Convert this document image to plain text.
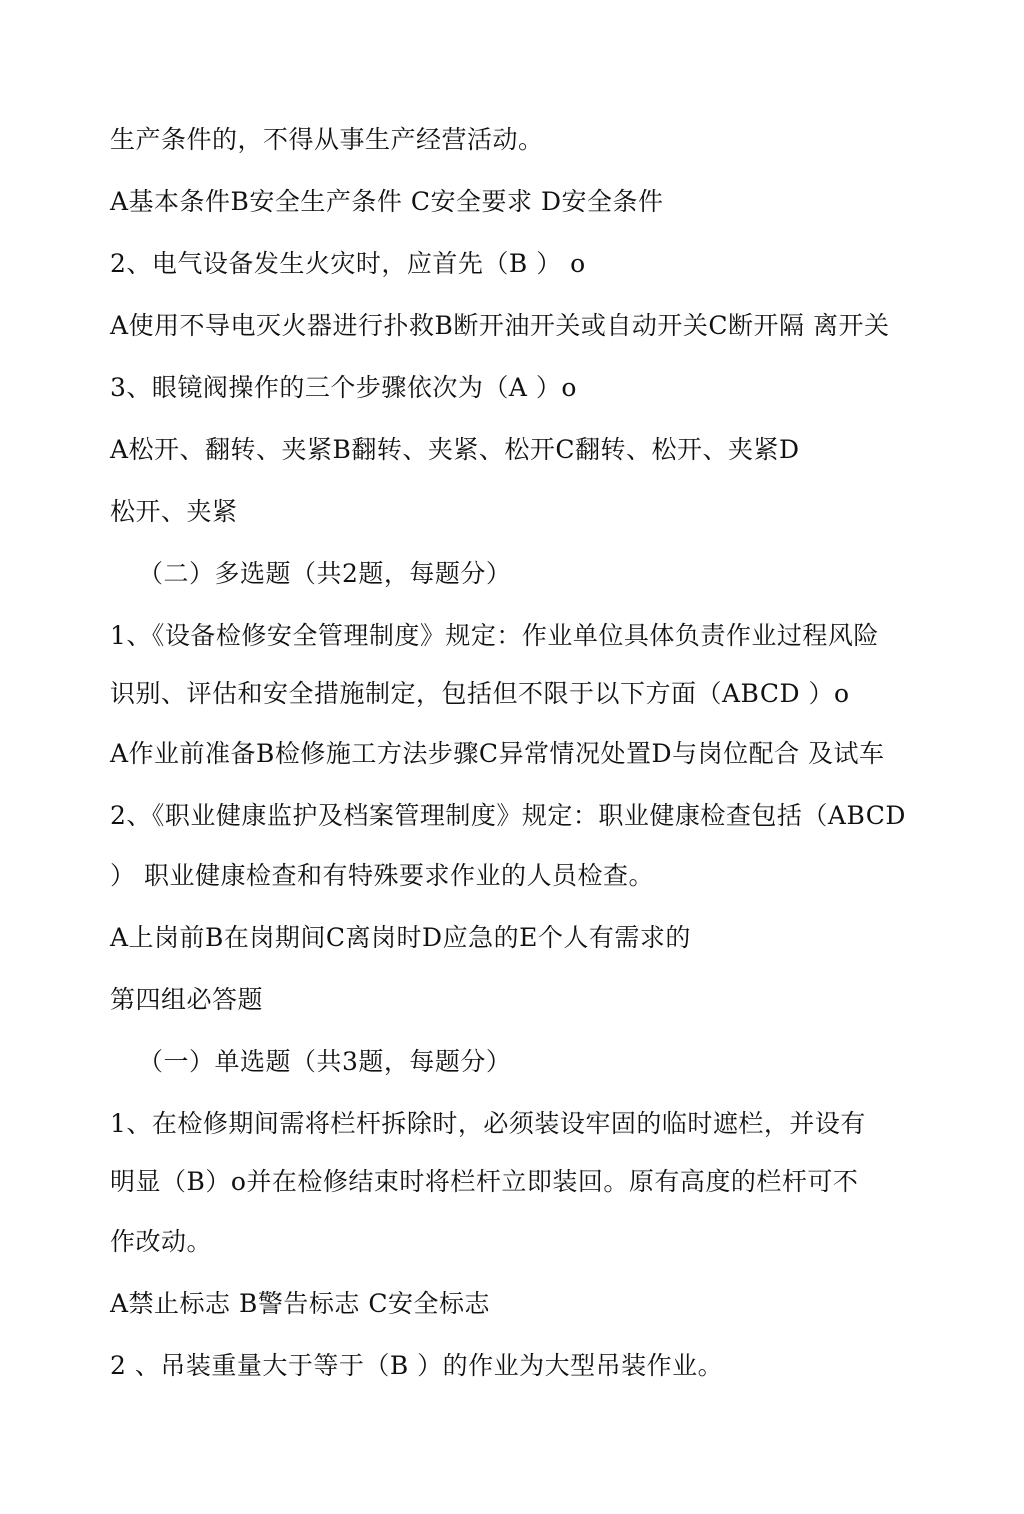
生产条件的，不得从事生产经营活动。
A基本条件B安全生产条件 C安全要求 D安全条件
2、电气设备发生火灾时，应首先（B ） o
A使用不导电灭火器进行扑救B断开油开关或自动开关C断开隔 离开关
3、眼镜阀操作的三个步骤依次为（A ）o
A松开、翻转、夹紧B翻转、夹紧、松开C翻转、松开、夹紧D
松开、夹紧
（二）多选题（共2题，每题分）
1、《设备检修安全管理制度》规定：作业单位具体负责作业过程风险
识别、评估和安全措施制定，包括但不限于以下方面（ABCD ）o
A作业前准备B检修施工方法步骤C异常情况处置D与岗位配合 及试车
2、《职业健康监护及档案管理制度》规定：职业健康检查包括（ABCD
） 职业健康检查和有特殊要求作业的人员检查。
A上岗前B在岗期间C离岗时D应急的E个人有需求的
第四组必答题
（一）单选题（共3题，每题分）
1、在检修期间需将栏杆拆除时，必须装设牢固的临时遮栏，并设有
明显（B）o并在检修结束时将栏杆立即装回。原有高度的栏杆可不
作改动。
A禁止标志 B警告标志 C安全标志
2 、吊装重量大于等于（B ）的作业为大型吊装作业。
